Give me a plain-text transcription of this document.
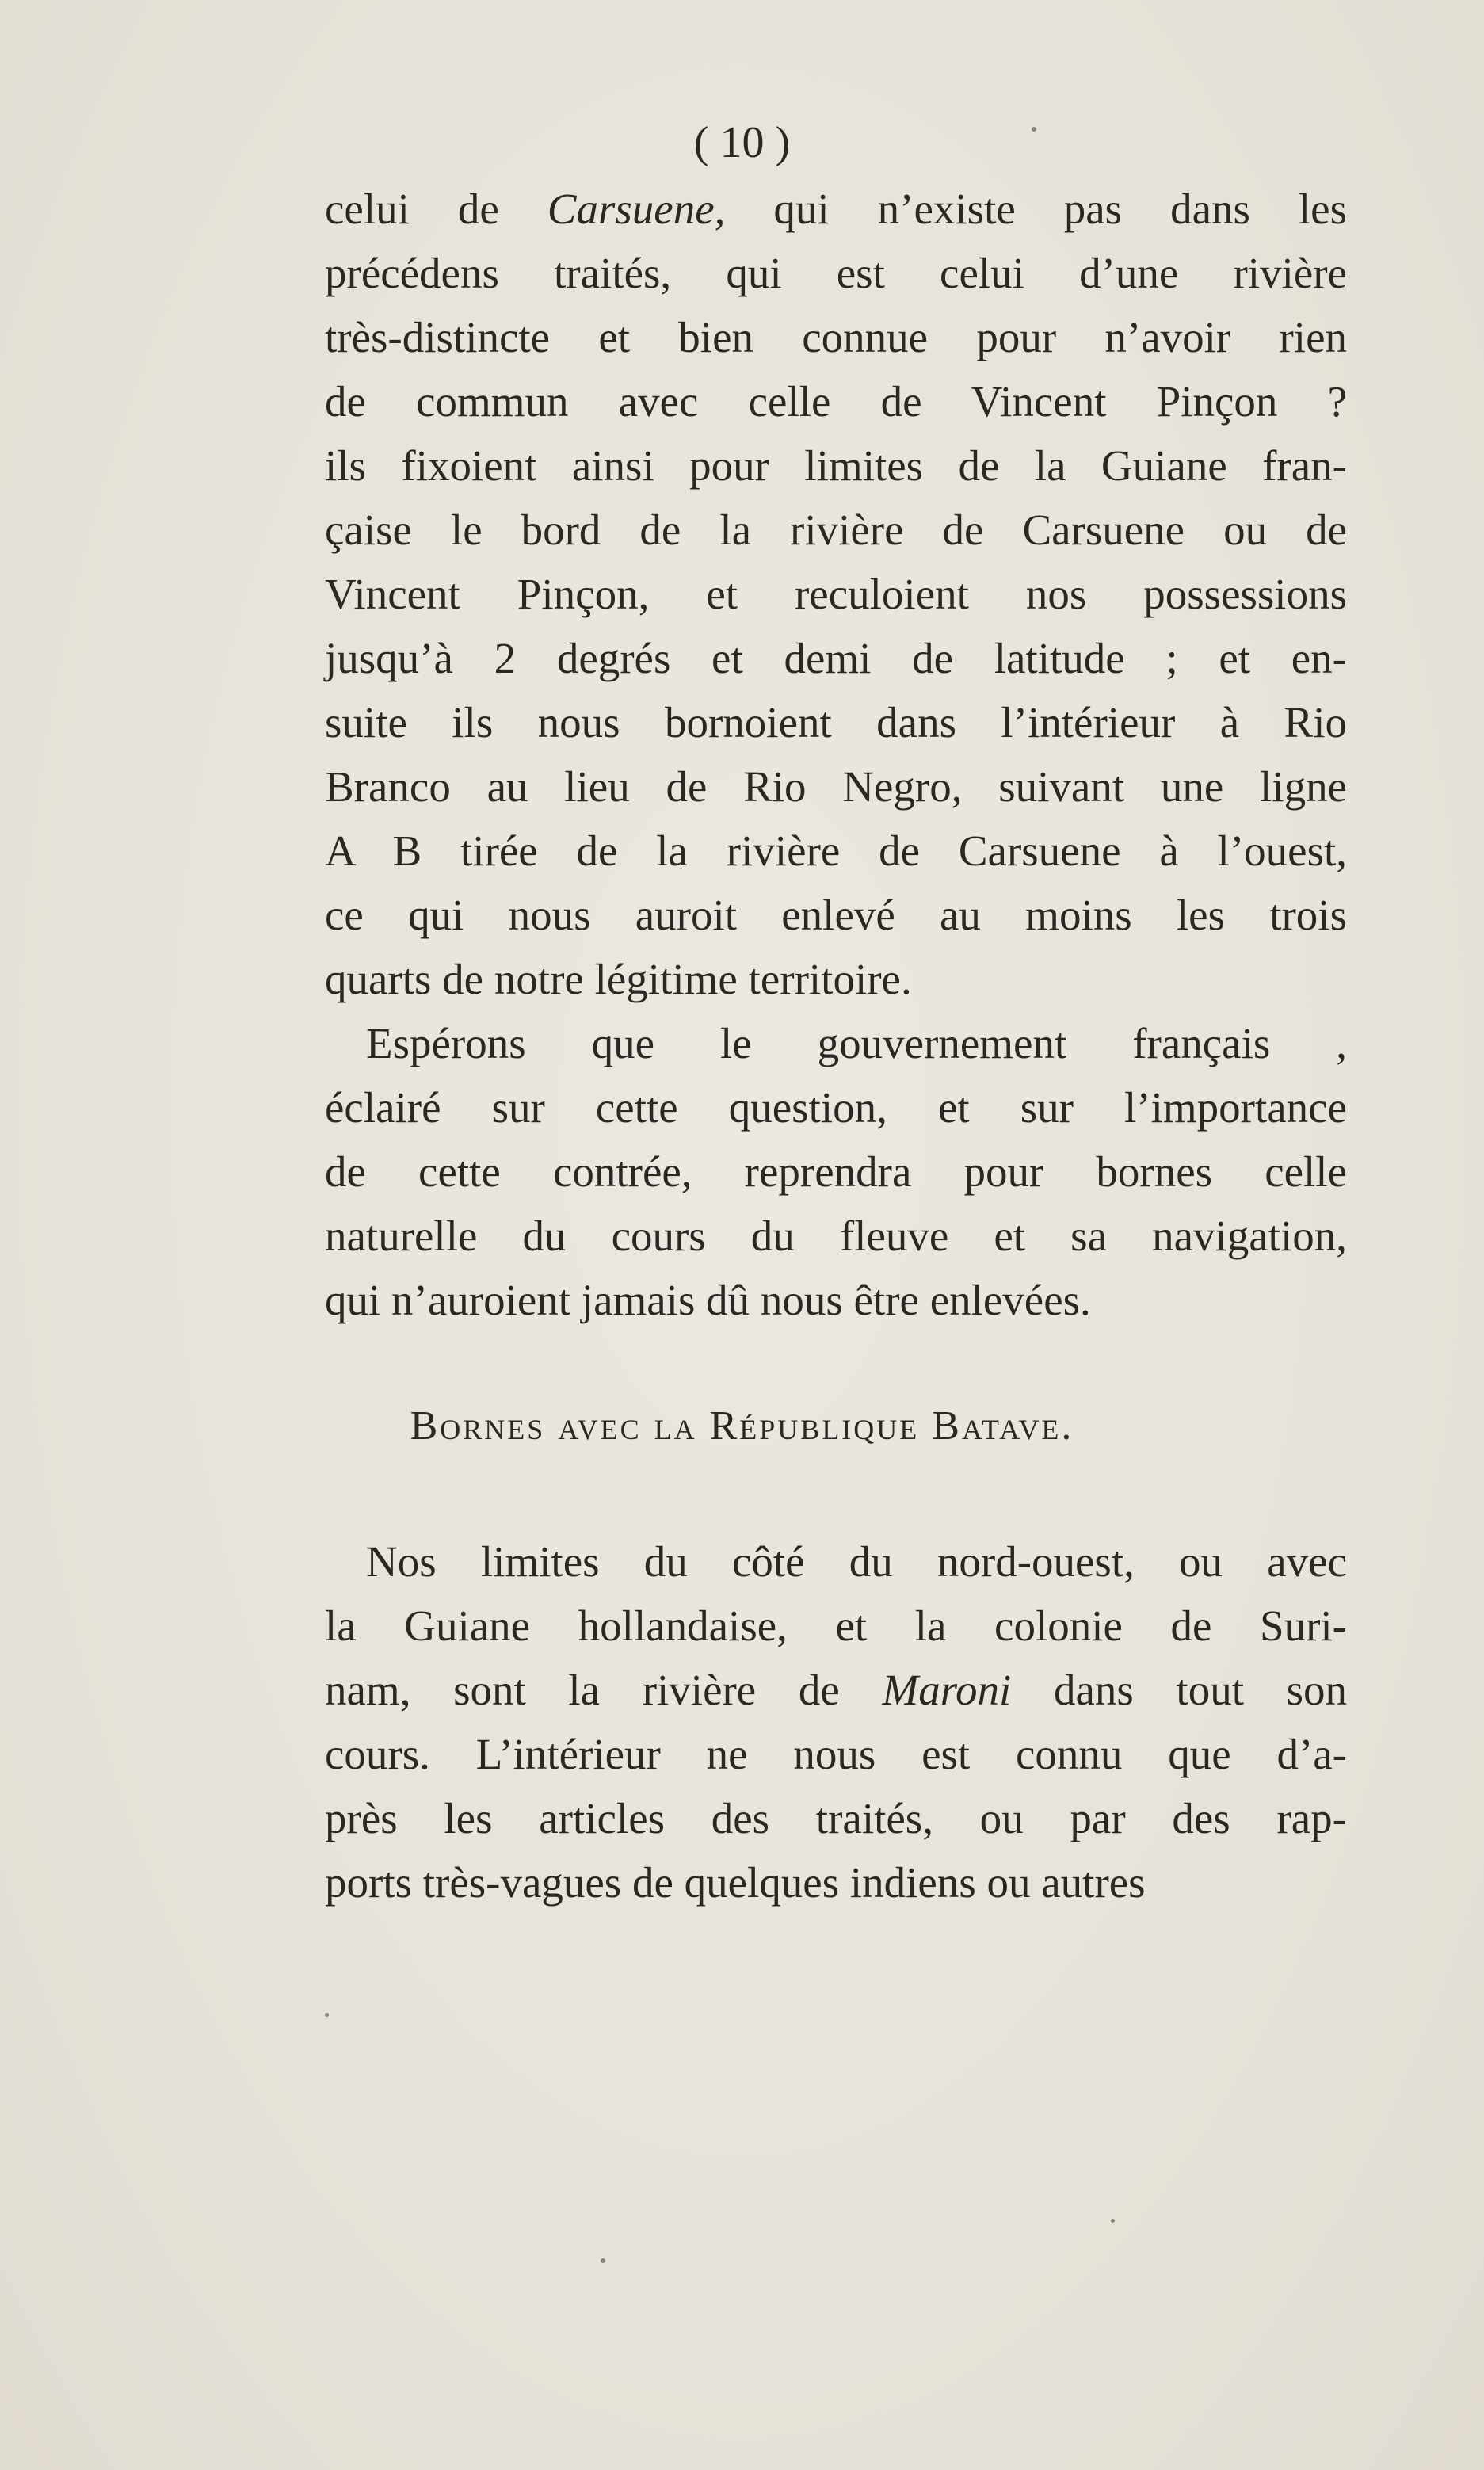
( 10 )
celui de Carsuene, qui n’existe pas dans les
précédens traités, qui est celui d’une rivière
très-distincte et bien connue pour n’avoir rien
de commun avec celle de Vincent Pinçon ?
ils fixoient ainsi pour limites de la Guiane fran-
çaise le bord de la rivière de Carsuene ou de
Vincent Pinçon, et reculoient nos possessions
jusqu’à 2 degrés et demi de latitude ; et en-
suite ils nous bornoient dans l’intérieur à Rio
Branco au lieu de Rio Negro, suivant une ligne
A B tirée de la rivière de Carsuene à l’ouest,
ce qui nous auroit enlevé au moins les trois
quarts de notre légitime territoire.
Espérons que le gouvernement français ,
éclairé sur cette question, et sur l’importance
de cette contrée, reprendra pour bornes celle
naturelle du cours du fleuve et sa navigation,
qui n’auroient jamais dû nous être enlevées.
Bornes avec la République Batave.
Nos limites du côté du nord-ouest, ou avec
la Guiane hollandaise, et la colonie de Suri-
nam, sont la rivière de Maroni dans tout son
cours. L’intérieur ne nous est connu que d’a-
près les articles des traités, ou par des rap-
ports très-vagues de quelques indiens ou autres
